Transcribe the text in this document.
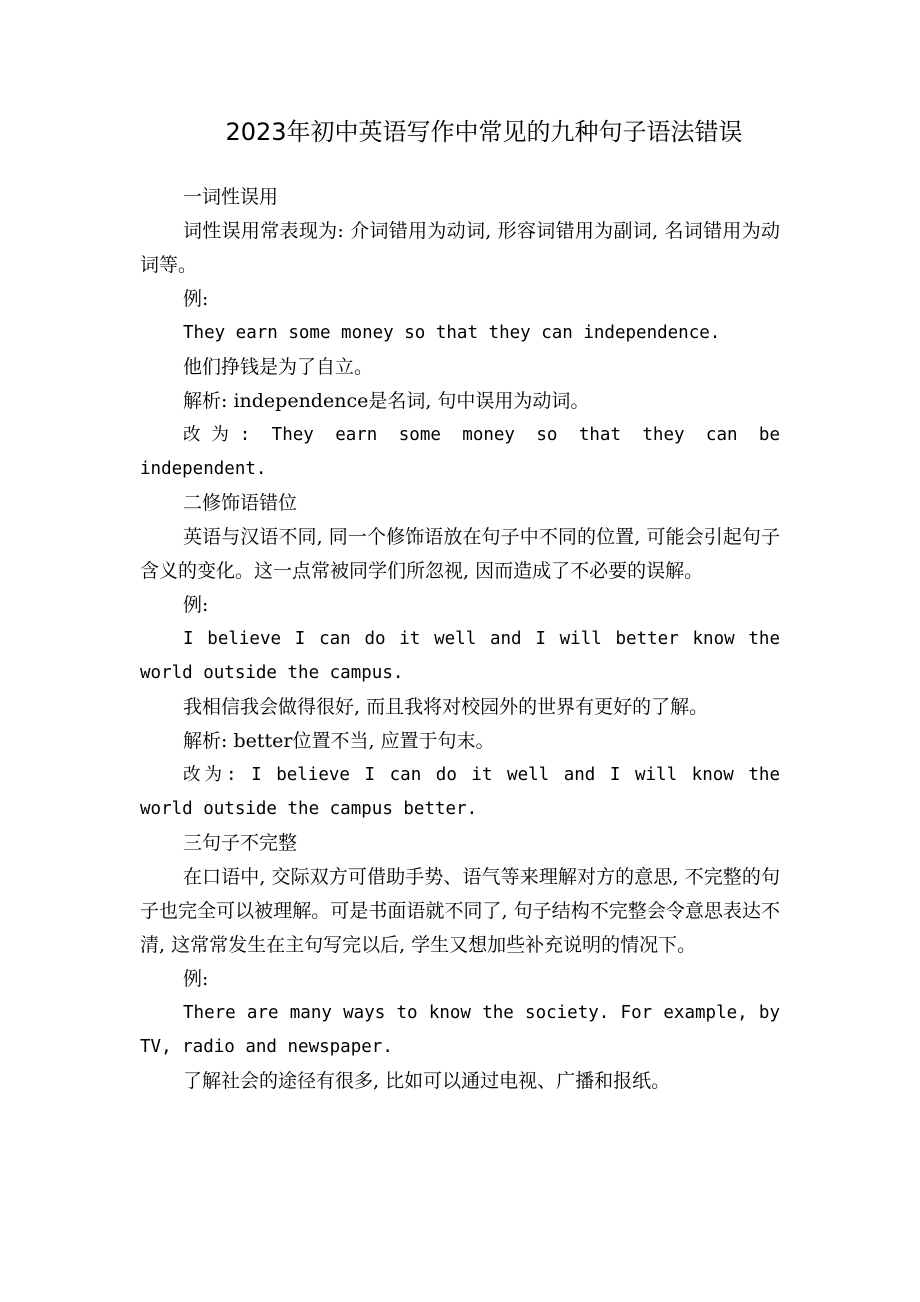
2023年初中英语写作中常见的九种句子语法错误

一词性误用

词性误用常表现为: 介词错用为动词, 形容词错用为副词, 名词错用为动词等。

例:

They earn some money so that they can independence.

他们挣钱是为了自立。

解析: independence是名词, 句中误用为动词。

改为: They earn some money so that they can be independent.

二修饰语错位

英语与汉语不同, 同一个修饰语放在句子中不同的位置, 可能会引起句子含义的变化。这一点常被同学们所忽视, 因而造成了不必要的误解。

例:

I believe I can do it well and I will better know the world outside the campus.

我相信我会做得很好, 而且我将对校园外的世界有更好的了解。

解析: better位置不当, 应置于句末。

改为: I believe I can do it well and I will know the world outside the campus better.

三句子不完整

在口语中, 交际双方可借助手势、语气等来理解对方的意思, 不完整的句子也完全可以被理解。可是书面语就不同了, 句子结构不完整会令意思表达不清, 这常常发生在主句写完以后, 学生又想加些补充说明的情况下。

例:

There are many ways to know the society. For example, by TV, radio and newspaper.

了解社会的途径有很多, 比如可以通过电视、广播和报纸。
